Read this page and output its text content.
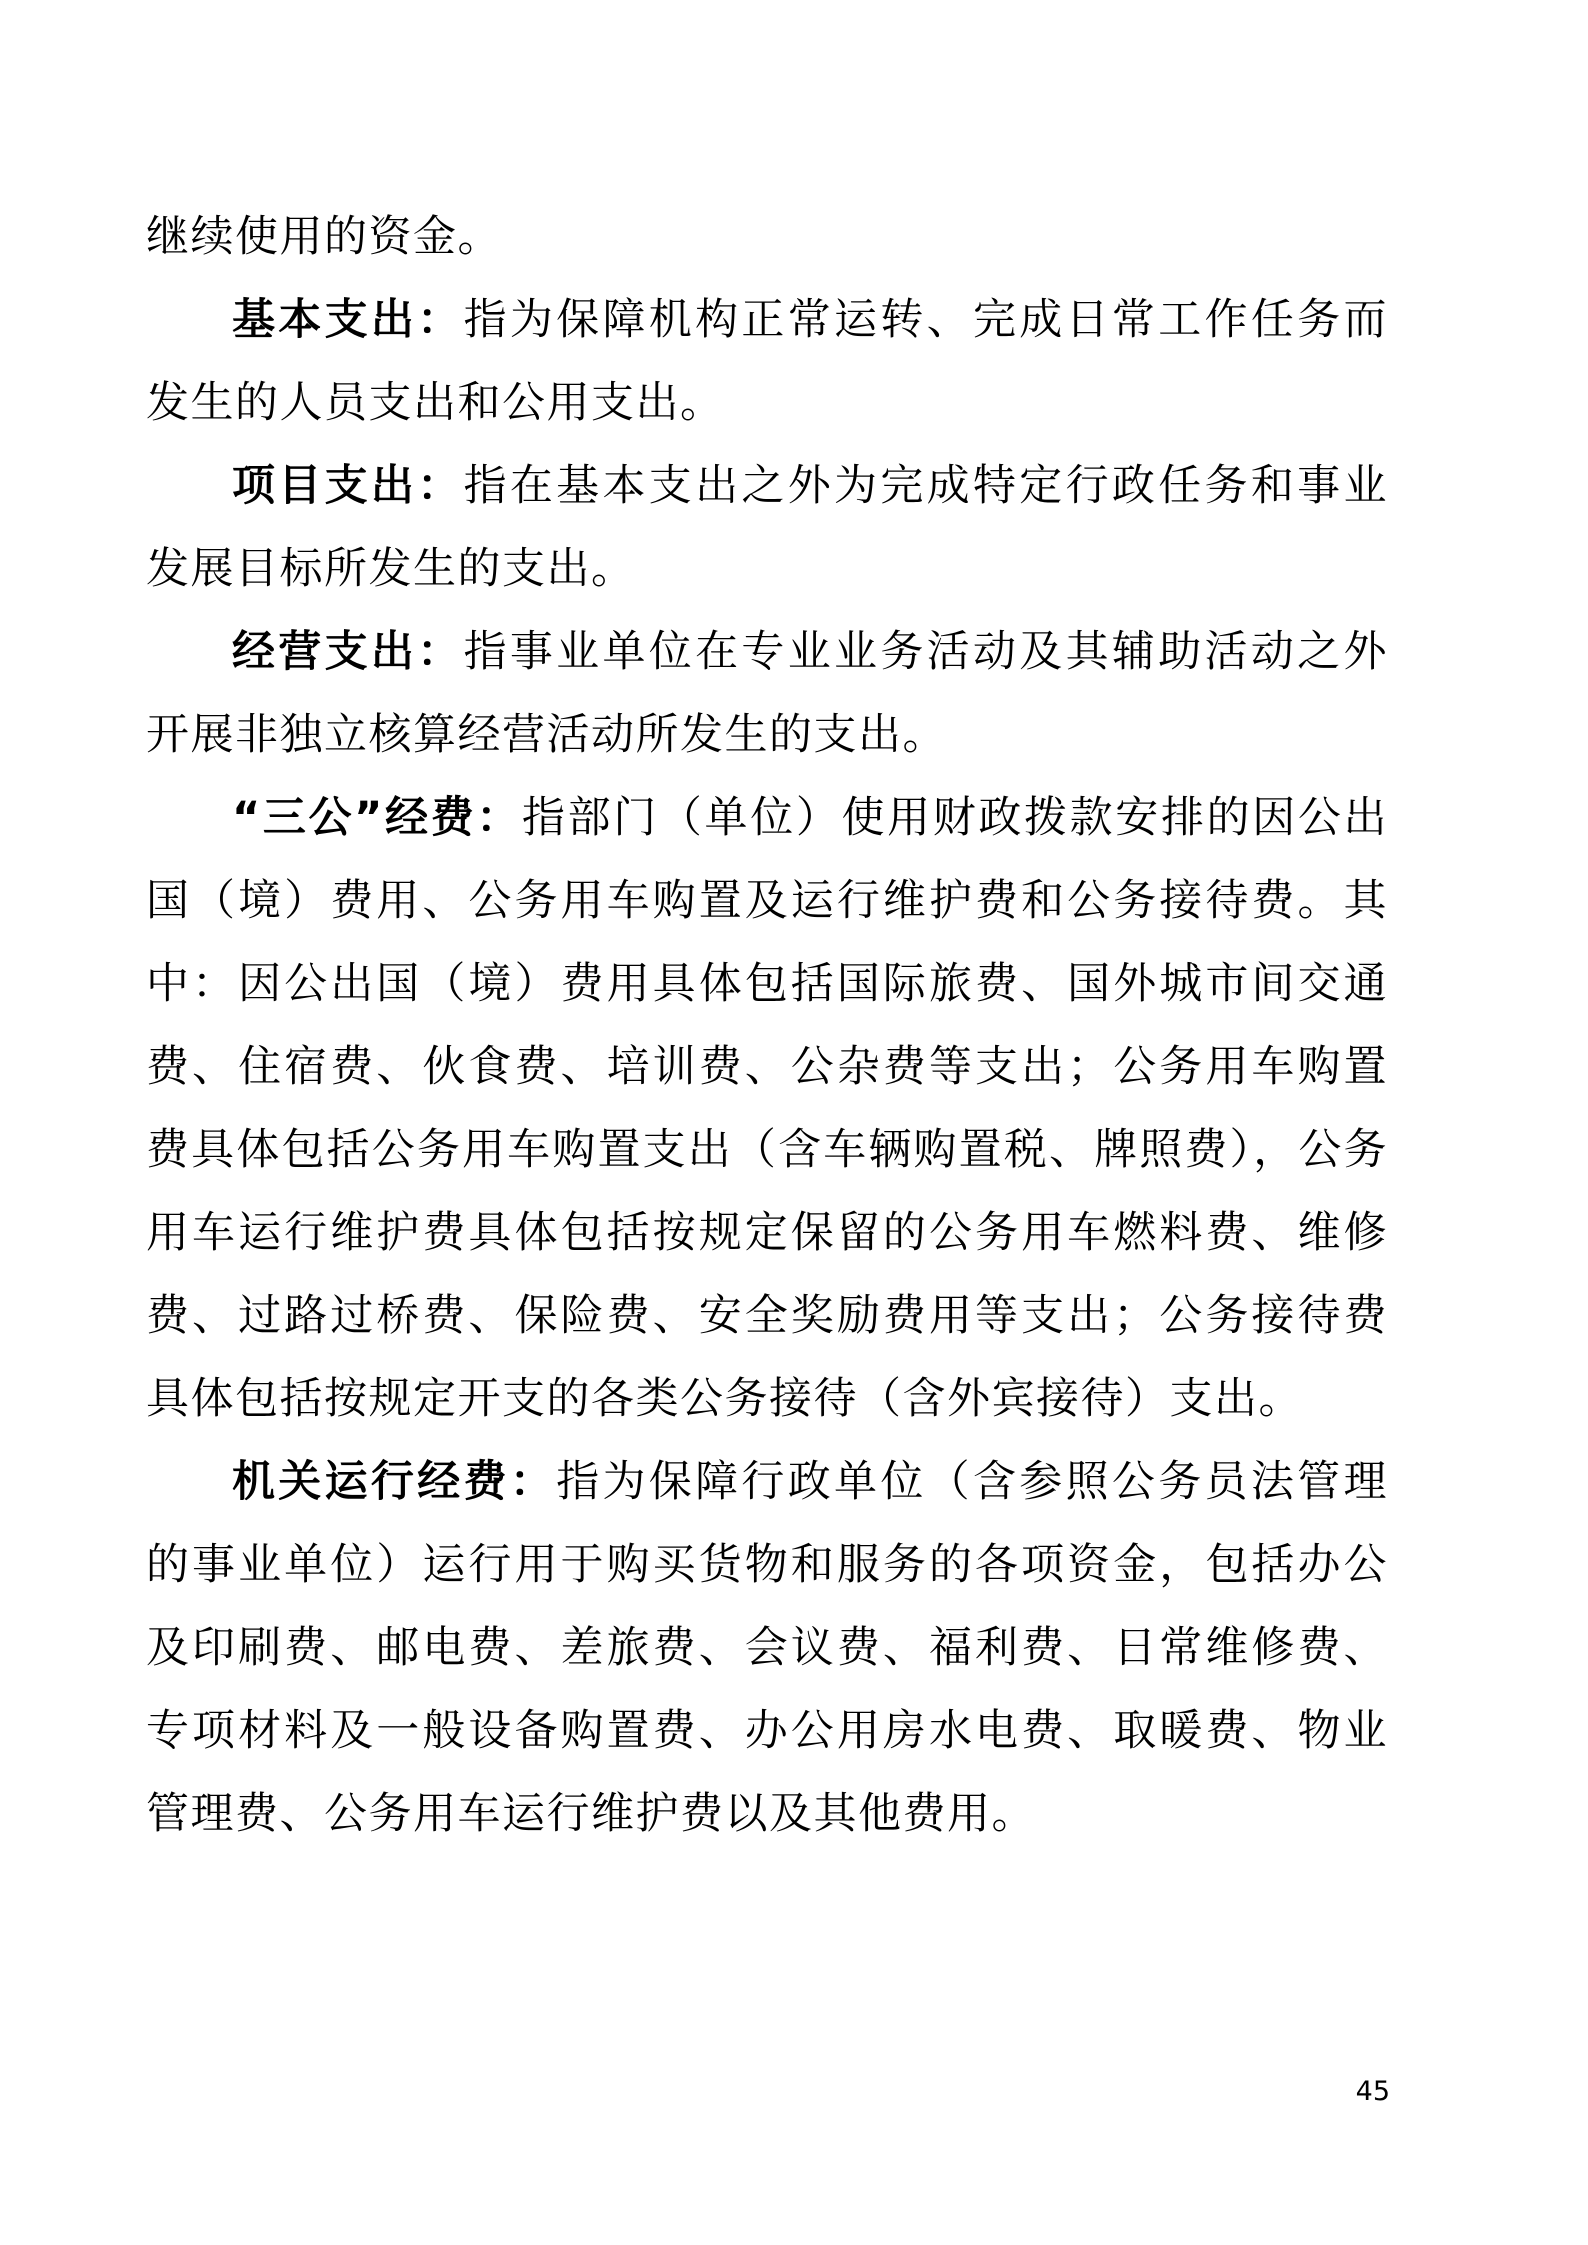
继续使用的资金。

基本支出：指为保障机构正常运转、完成日常工作任务而发生的人员支出和公用支出。

项目支出：指在基本支出之外为完成特定行政任务和事业发展目标所发生的支出。

经营支出：指事业单位在专业业务活动及其辅助活动之外开展非独立核算经营活动所发生的支出。

“三公”经费：指部门（单位）使用财政拨款安排的因公出国（境）费用、公务用车购置及运行维护费和公务接待费。其中：因公出国（境）费用具体包括国际旅费、国外城市间交通费、住宿费、伙食费、培训费、公杂费等支出；公务用车购置费具体包括公务用车购置支出（含车辆购置税、牌照费），公务用车运行维护费具体包括按规定保留的公务用车燃料费、维修费、过路过桥费、保险费、安全奖励费用等支出；公务接待费具体包括按规定开支的各类公务接待（含外宾接待）支出。

机关运行经费：指为保障行政单位（含参照公务员法管理的事业单位）运行用于购买货物和服务的各项资金，包括办公及印刷费、邮电费、差旅费、会议费、福利费、日常维修费、专项材料及一般设备购置费、办公用房水电费、取暖费、物业管理费、公务用车运行维护费以及其他费用。

45
